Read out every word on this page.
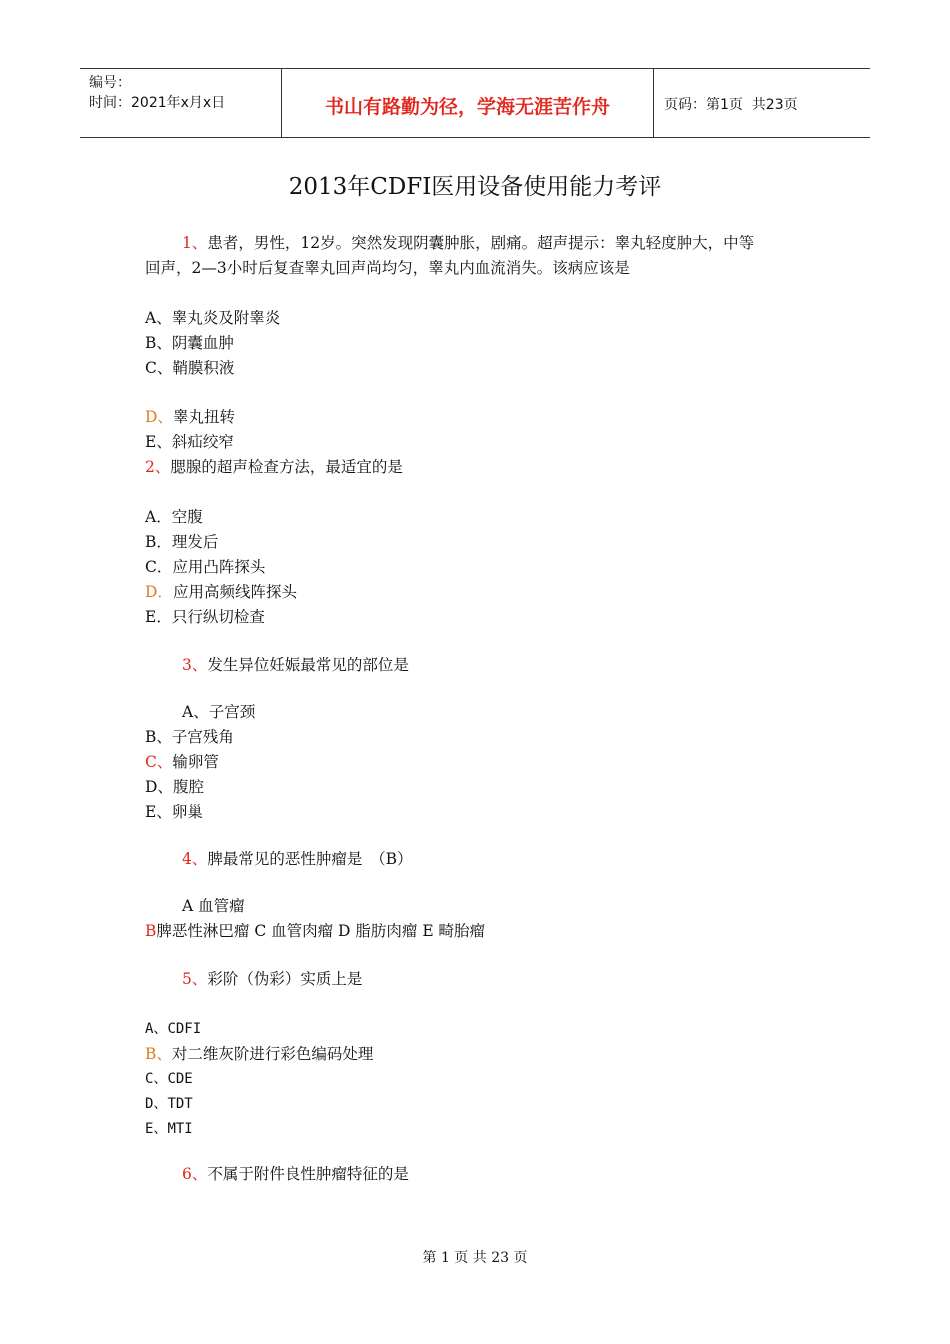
编号：
时间：2021年x月x日	书山有路勤为径，学海无涯苦作舟	页码：第1页  共23页
2013年CDFI医用设备使用能力考评
1、患者，男性，12岁。突然发现阴囊肿胀，剧痛。超声提示：睾丸轻度肿大，中等
回声，2—3小时后复查睾丸回声尚均匀，睾丸内血流消失。该病应该是
A、睾丸炎及附睾炎
B、阴囊血肿
C、鞘膜积液
D、睾丸扭转
E、斜疝绞窄
2、腮腺的超声检查方法，最适宜的是
A．空腹
B．理发后
C．应用凸阵探头
D．应用高频线阵探头
E．只行纵切检查
3、发生异位妊娠最常见的部位是
A、子宫颈
B、子宫残角
C、输卵管
D、腹腔
E、卵巢
4、脾最常见的恶性肿瘤是　（B）
A 血管瘤
B脾恶性淋巴瘤 C 血管肉瘤 D 脂肪肉瘤 E 畸胎瘤
5、彩阶（伪彩）实质上是
A、CDFI
B、对二维灰阶进行彩色编码处理
C、CDE
D、TDT
E、MTI
6、不属于附件良性肿瘤特征的是
第 1 页 共 23 页
